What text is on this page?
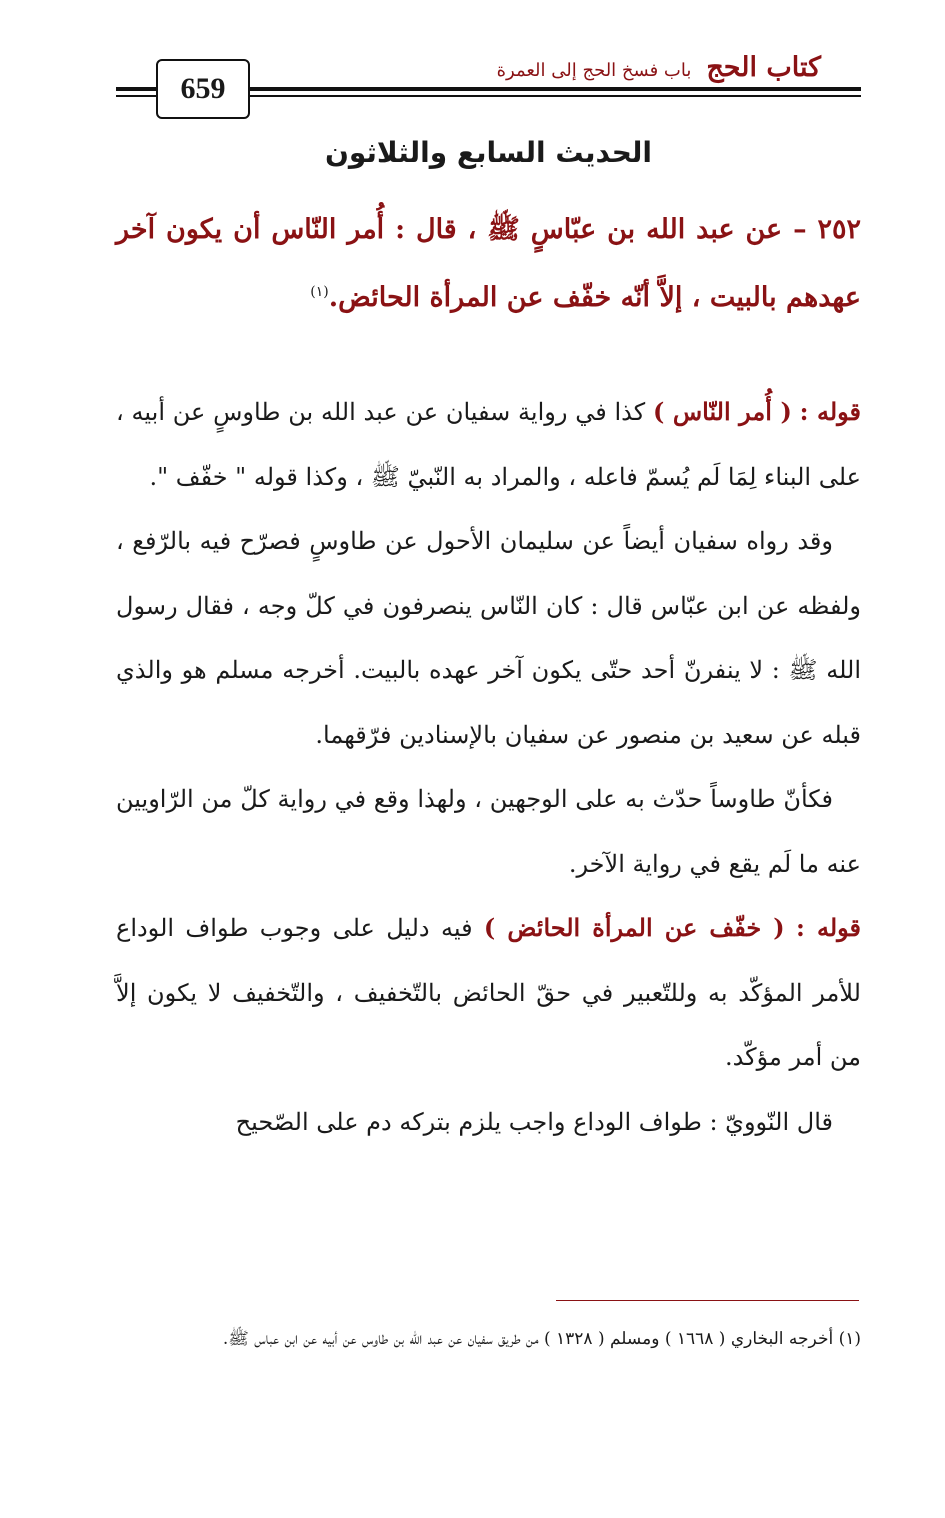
كتاب الحج باب فسخ الحج إلى العمرة
659
الحديث السابع والثلاثون
٢٥٢ – عن عبد الله بن عبّاسٍ ﷺ ، قال : أُمر النّاس أن يكون آخر عهدهم بالبيت ، إلاَّ أنّه خفّف عن المرأة الحائض.$^{(١)}$

قوله : ( أُمر النّاس ) كذا في رواية سفيان عن عبد الله بن طاوسٍ عن أبيه ، على البناء لِمَا لَم يُسمّ فاعله ، والمراد به النّبيّ ﷺ ، وكذا قوله " خفّف ".

وقد رواه سفيان أيضاً عن سليمان الأحول عن طاوسٍ فصرّح فيه بالرّفع ، ولفظه عن ابن عبّاس قال : كان النّاس ينصرفون في كلّ وجه ، فقال رسول الله ﷺ : لا ينفرنّ أحد حتّى يكون آخر عهده بالبيت. أخرجه مسلم هو والذي قبله عن سعيد بن منصور عن سفيان بالإسنادين فرّقهما.

فكأنّ طاوساً حدّث به على الوجهين ، ولهذا وقع في رواية كلّ من الرّاويين عنه ما لَم يقع في رواية الآخر.

قوله : ( خفّف عن المرأة الحائض ) فيه دليل على وجوب طواف الوداع للأمر المؤكّد به وللتّعبير في حقّ الحائض بالتّخفيف ، والتّخفيف لا يكون إلاَّ من أمر مؤكّد.

قال النّوويّ : طواف الوداع واجب يلزم بتركه دم على الصّحيح

(١) أخرجه البخاري ( ١٦٦٨ ) ومسلم ( ١٣٢٨ ) من طريق سفيان عن عبد الله بن طاوس عن أبيه عن ابن عباس ﷺ.
